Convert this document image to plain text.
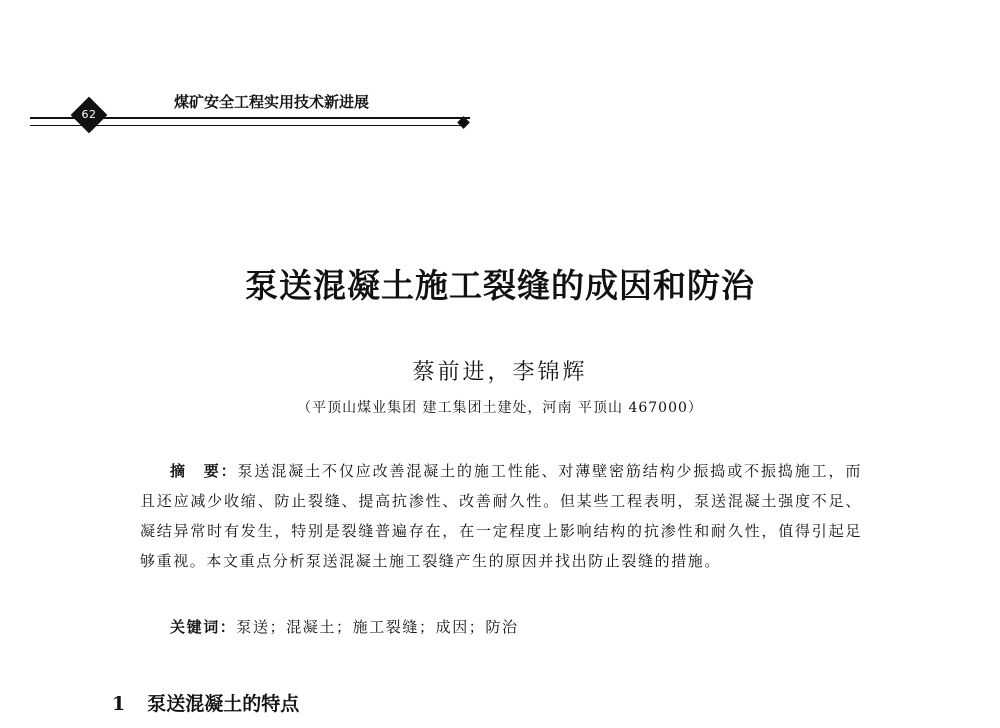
62
煤矿安全工程实用技术新进展
泵送混凝土施工裂缝的成因和防治
蔡前进，李锦辉
（平顶山煤业集团 建工集团土建处，河南 平顶山 467000）
摘　要：泵送混凝土不仅应改善混凝土的施工性能、对薄壁密筋结构少振捣或不振捣施工，而且还应减少收缩、防止裂缝、提高抗渗性、改善耐久性。但某些工程表明，泵送混凝土强度不足、凝结异常时有发生，特别是裂缝普遍存在，在一定程度上影响结构的抗渗性和耐久性，值得引起足够重视。本文重点分析泵送混凝土施工裂缝产生的原因并找出防止裂缝的措施。
关键词：泵送；混凝土；施工裂缝；成因；防治
1 泵送混凝土的特点
